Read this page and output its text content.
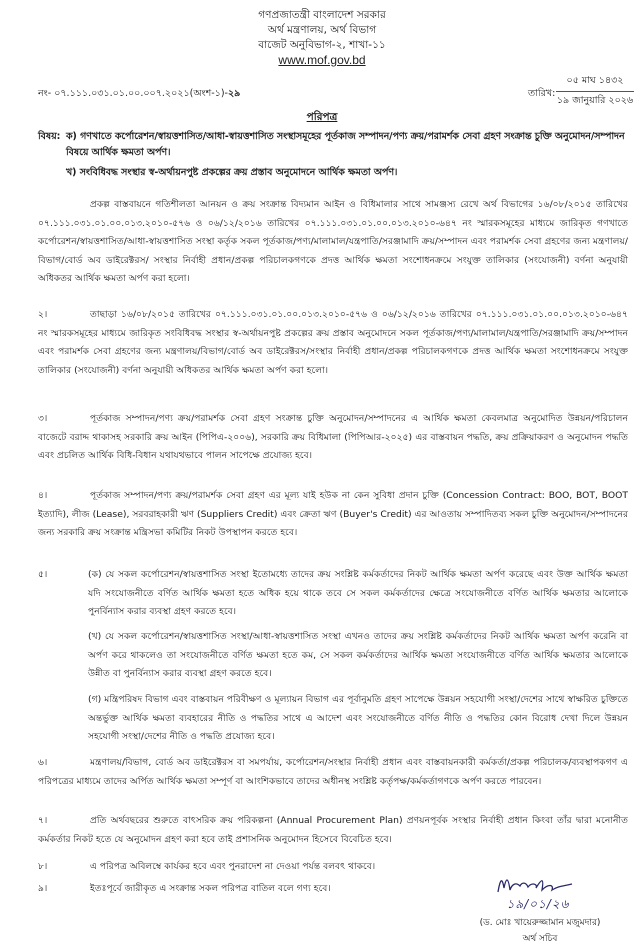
গণপ্রজাতন্ত্রী বাংলাদেশ সরকার
অর্থ মন্ত্রণালয়, অর্থ বিভাগ
বাজেট অনুবিভাগ-২, শাখা-১১
www.mof.gov.bd
নং- ০৭.১১১.০৩১.০১.০০.০০৭.২০২১(অংশ-১)-২৯	তারিখ:
০৫ মাঘ ১৪৩২
১৯ জানুয়ারি ২০২৬
পরিপত্র
বিষয়: ক) গণখাতে কর্পোরেশন/স্বায়ত্তশাসিত/আধা-স্বায়ত্তশাসিত সংস্থাসমূহের পূর্তকাজ সম্পাদন/পণ্য ক্রয়/পরামর্শক সেবা গ্রহণ সংক্রান্ত চুক্তি অনুমোদন/সম্পাদন বিষয়ে আর্থিক ক্ষমতা অর্পণ।
খ) সংবিধিবদ্ধ সংস্থার স্ব-অর্থায়নপুষ্ট প্রকল্পের ক্রয় প্রস্তাব অনুমোদনে আর্থিক ক্ষমতা অর্পণ।
প্রকল্প বাস্তবায়নে গতিশীলতা আনয়ন ও ক্রয় সংক্রান্ত বিদ্যমান আইন ও বিধিমালার সাথে সামঞ্জস্য রেখে অর্থ বিভাগের ১৬/০৮/২০১৫ তারিখের ০৭.১১১.০৩১.০১.০০.০১৩.২০১০-৫৭৬ ও ০৬/১২/২০১৬ তারিখের ০৭.১১১.০৩১.০১.০০.০১৩.২০১০-৬৪৭ নং স্মারকসমূহের মাধ্যমে জারিকৃত গণখাতে কর্পোরেশন/স্বায়ত্তশাসিত/আধা-স্বায়ত্তশাসিত সংস্থা কর্তৃক সকল পূর্তকাজ/পণ্য/মালামাল/যন্ত্রপাতি/সরঞ্জামাদি ক্রয়/সম্পাদন এবং পরামর্শক সেবা গ্রহণের জন্য মন্ত্রণালয়/বিভাগ/বোর্ড অব ডাইরেক্টরস/ সংস্থার নির্বাহী প্রধান/প্রকল্প পরিচালকগণকে প্রদত্ত আর্থিক ক্ষমতা সংশোধনক্রমে সংযুক্ত তালিকার (সংযোজনী) বর্ণনা অনুযায়ী অধিকতর আর্থিক ক্ষমতা অর্পণ করা হলো।
২।	তাছাড়া ১৬/০৮/২০১৫ তারিখের ০৭.১১১.০৩১.০১.০০.০১৩.২০১০-৫৭৬ ও ০৬/১২/২০১৬ তারিখের ০৭.১১১.০৩১.০১.০০.০১৩.২০১০-৬৪৭ নং স্মারকসমূহের মাধ্যমে জারিকৃত সংবিধিবদ্ধ সংস্থার স্ব-অর্থায়নপুষ্ট প্রকল্পের ক্রয় প্রস্তাব অনুমোদনে সকল পূর্তকাজ/পণ্য/মালামাল/যন্ত্রপাতি/সরঞ্জামাদি ক্রয়/সম্পাদন এবং পরামর্শক সেবা গ্রহণের জন্য মন্ত্রণালয়/বিভাগ/বোর্ড অব ডাইরেক্টরস/সংস্থার নির্বাহী প্রধান/প্রকল্প পরিচালকগণকে প্রদত্ত আর্থিক ক্ষমতা সংশোধনক্রমে সংযুক্ত তালিকার (সংযোজনী) বর্ণনা অনুযায়ী অধিকতর আর্থিক ক্ষমতা অর্পণ করা হলো।
৩।	পূর্তকাজ সম্পাদন/পণ্য ক্রয়/পরামর্শক সেবা গ্রহণ সংক্রান্ত চুক্তি অনুমোদন/সম্পাদনের এ আর্থিক ক্ষমতা কেবলমাত্র অনুমোদিত উন্নয়ন/পরিচালন বাজেটে বরাদ্দ থাকাসহ সরকারি ক্রয় আইন (পিপিএ-২০০৬), সরকারি ক্রয় বিধিমালা (পিপিআর-২০২৫) এর বাস্তবায়ন পদ্ধতি, ক্রয় প্রক্রিয়াকরণ ও অনুমোদন পদ্ধতি এবং প্রচলিত আর্থিক বিধি-বিধান যথাযথভাবে পালন সাপেক্ষে প্রযোজ্য হবে।
৪।	পূর্তকাজ সম্পাদন/পণ্য ক্রয়/পরামর্শক সেবা গ্রহণ এর মূল্য যাই হউক না কেন সুবিধা প্রদান চুক্তি (Concession Contract: BOO, BOT, BOOT ইত্যাদি), লীজ (Lease), সরবরাহকারী ঋণ (Suppliers Credit) এবং ক্রেতা ঋণ (Buyer's Credit) এর আওতায় সম্পাদিতব্য সকল চুক্তি অনুমোদন/সম্পাদনের জন্য সরকারি ক্রয় সংক্রান্ত মন্ত্রিসভা কমিটির নিকট উপস্থাপন করতে হবে।
৫।	(ক) যে সকল কর্পোরেশন/স্বায়ত্তশাসিত সংস্থা ইতোমধ্যে তাদের ক্রয় সংশ্লিষ্ট কর্মকর্তাদের নিকট আর্থিক ক্ষমতা অর্পণ করেছে এবং উক্ত আর্থিক ক্ষমতা যদি সংযোজনীতে বর্ণিত আর্থিক ক্ষমতা হতে অধিক হয়ে থাকে তবে সে সকল কর্মকর্তাদের ক্ষেত্রে সংযোজনীতে বর্ণিত আর্থিক ক্ষমতার আলোকে পুনর্বিন্যাস করার ব্যবস্থা গ্রহণ করতে হবে।
(খ) যে সকল কর্পোরেশন/স্বায়ত্তশাসিত সংস্থা/আধা-স্বায়ত্তশাসিত সংস্থা এখনও তাদের ক্রয় সংশ্লিষ্ট কর্মকর্তাদের নিকট আর্থিক ক্ষমতা অর্পণ করেনি বা অর্পণ করে থাকলেও তা সংযোজনীতে বর্ণিত ক্ষমতা হতে কম, সে সকল কর্মকর্তাদের আর্থিক ক্ষমতা সংযোজনীতে বর্ণিত আর্থিক ক্ষমতার আলোকে উন্নীত বা পুনর্বিন্যাস করার ব্যবস্থা গ্রহণ করতে হবে।
(গ) মন্ত্রিপরিষদ বিভাগ এবং বাস্তবায়ন পরিবীক্ষণ ও মূল্যায়ন বিভাগ এর পূর্বানুমতি গ্রহণ সাপেক্ষে উন্নয়ন সহযোগী সংস্থা/দেশের সাথে স্বাক্ষরিত চুক্তিতে অন্তর্ভুক্ত আর্থিক ক্ষমতা ব্যবহারের নীতি ও পদ্ধতির সাথে এ আদেশ এবং সংযোজনীতে বর্ণিত নীতি ও পদ্ধতির কোন বিরোধ দেখা দিলে উন্নয়ন সহযোগী সংস্থা/দেশের নীতি ও পদ্ধতি প্রযোজ্য হবে।
৬।	মন্ত্রণালয়/বিভাগ, বোর্ড অব ডাইরেক্টরস বা সমপর্যায়, কর্পোরেশন/সংস্থার নির্বাহী প্রধান এবং বাস্তবায়নকারী কর্মকর্তা/প্রকল্প পরিচালক/ব্যবস্থাপকগণ এ পরিপত্রের মাধ্যমে তাদের অর্পিত আর্থিক ক্ষমতা সম্পূর্ণ বা আংশিকভাবে তাদের অধীনস্থ সংশ্লিষ্ট কর্তৃপক্ষ/কর্মকর্তাগণকে অর্পণ করতে পারবেন।
৭।	প্রতি অর্থবছরের শুরুতে বাৎসরিক ক্রয় পরিকল্পনা (Annual Procurement Plan) প্রণয়নপূর্বক সংস্থার নির্বাহী প্রধান কিংবা তাঁর দ্বারা মনোনীত কর্মকর্তার নিকট হতে যে অনুমোদন গ্রহণ করা হবে তাই প্রশাসনিক অনুমোদন হিসেবে বিবেচিত হবে।
৮।	এ পরিপত্র অবিলম্বে কার্যকর হবে এবং পুনরাদেশ না দেওয়া পর্যন্ত বলবৎ থাকবে।
৯।	ইতঃপূর্বে জারীকৃত এ সংক্রান্ত সকল পরিপত্র বাতিল বলে গণ্য হবে।
১৯/০১/২৬
(ড. মোঃ খায়েরুজ্জামান মজুমদার)
অর্থ সচিব
